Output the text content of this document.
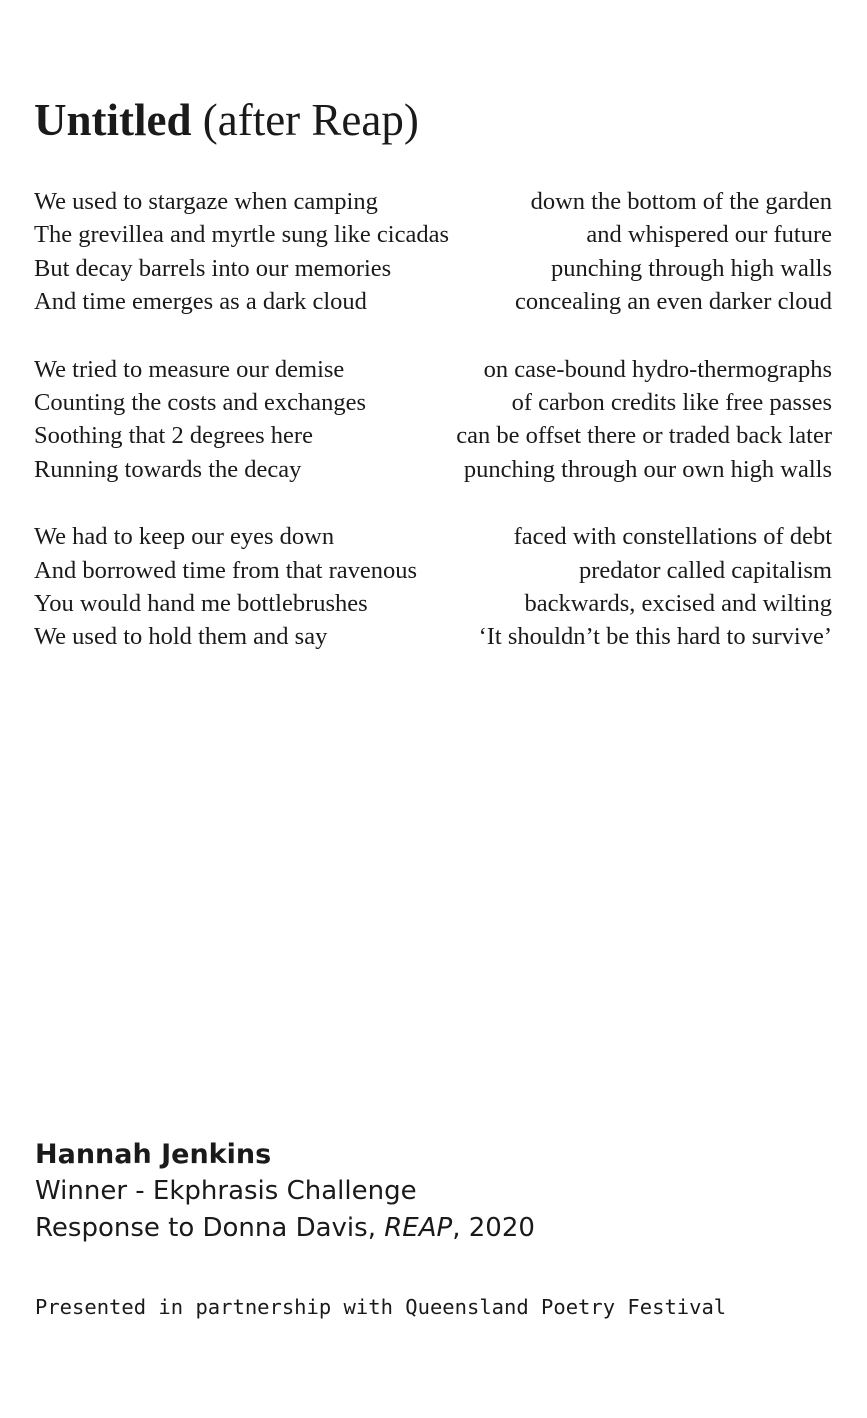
Untitled (after Reap)
We used to stargaze when camping	down the bottom of the garden
The grevillea and myrtle sung like cicadas	and whispered our future
But decay barrels into our memories	punching through high walls
And time emerges as a dark cloud	concealing an even darker cloud
We tried to measure our demise	on case-bound hydro-thermographs
Counting the costs and exchanges	of carbon credits like free passes
Soothing that 2 degrees here	can be offset there or traded back later
Running towards the decay	punching through our own high walls
We had to keep our eyes down	faced with constellations of debt
And borrowed time from that ravenous	predator called capitalism
You would hand me bottlebrushes	backwards, excised and wilting
We used to hold them and say	‘It shouldn’t be this hard to survive’
Hannah Jenkins
Winner - Ekphrasis Challenge
Response to Donna Davis, REAP, 2020
Presented in partnership with Queensland Poetry Festival
